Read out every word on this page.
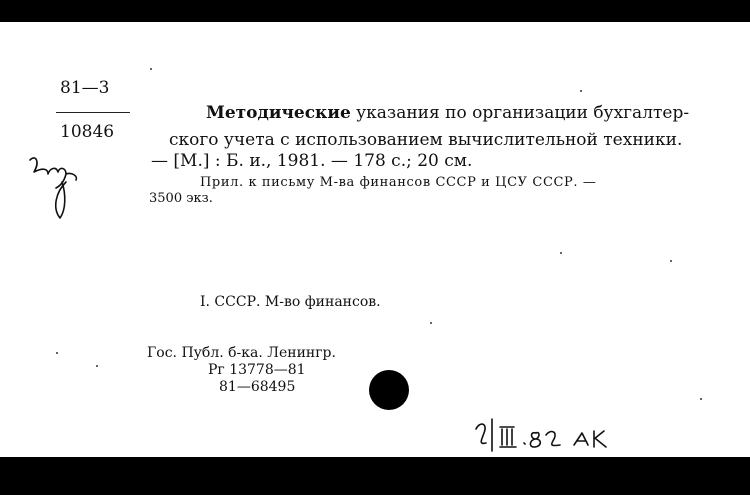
81—3
10846
Методические указания по организации бухгалтер-
ского учета с использованием вычислительной техники.
— [М.] : Б. и., 1981. — 178 с.; 20 см.
Прил. к письму М-ва финансов СССР и ЦСУ СССР. —
3500 экз.
I. СССР. М-во финансов.
Гос. Публ. б-ка. Ленингр.
Рг 13778—81
81—68495
